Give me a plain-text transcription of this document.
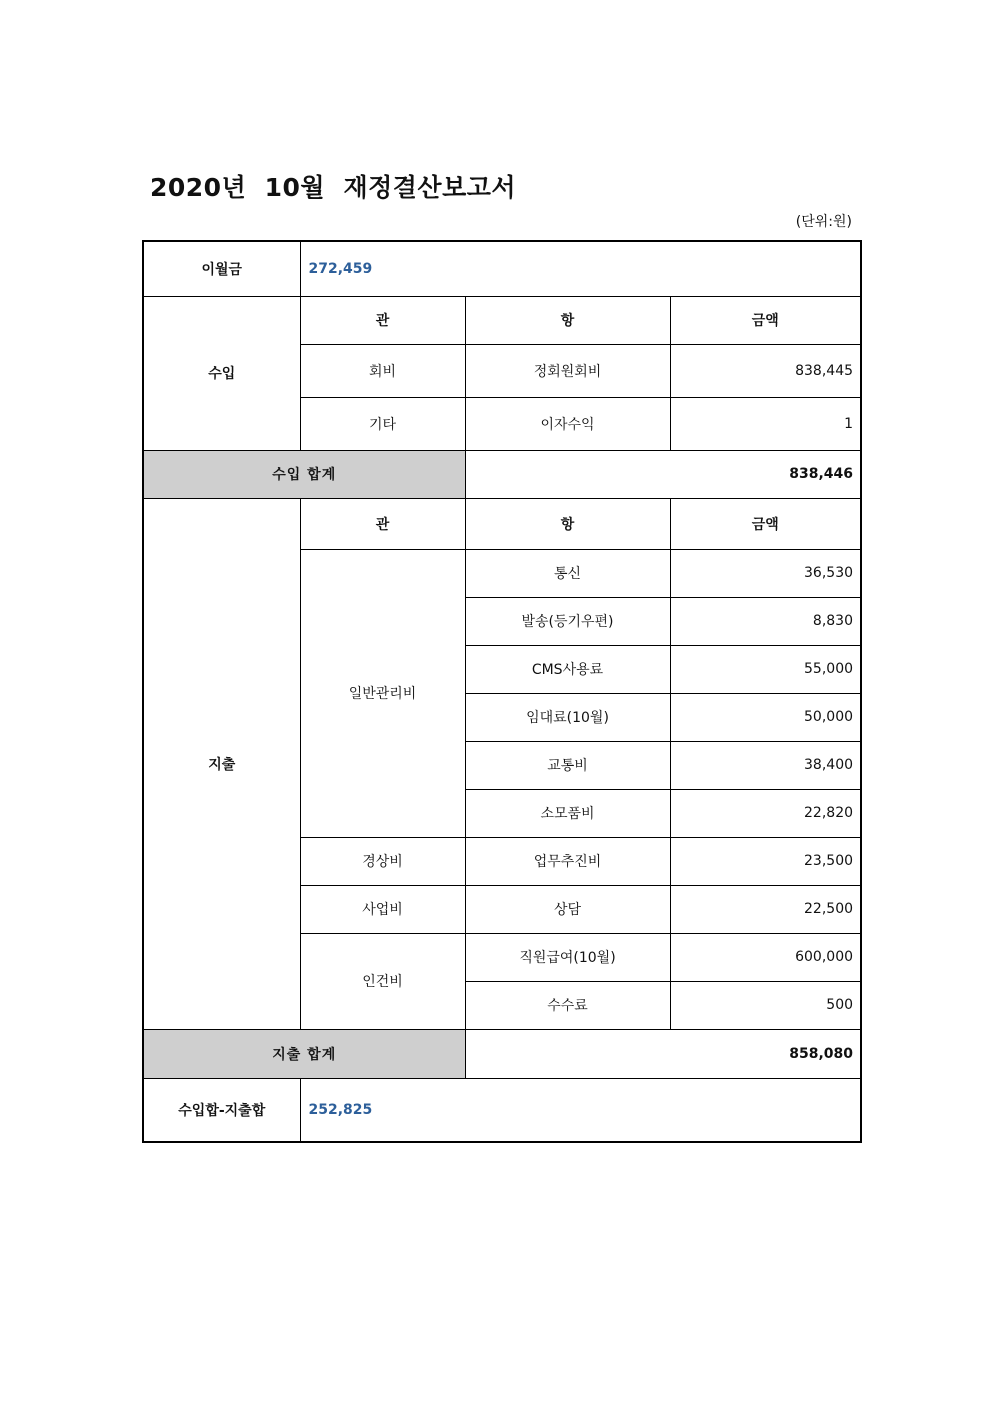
2020년  10월  재정결산보고서
(단위:원)
이월금	272,459		
수입	관	항	금액
	회비	정회원회비	838,445
	기타	이자수익	1
수입 합계		838,446	
지출	관	항	금액
	일반관리비	통신	36,530
		발송(등기우편)	8,830
		CMS사용료	55,000
		임대료(10월)	50,000
		교통비	38,400
		소모품비	22,820
	경상비	업무추진비	23,500
	사업비	상담	22,500
	인건비	직원급여(10월)	600,000
		수수료	500
지출 합계		858,080	
수입합-지출합	252,825		
